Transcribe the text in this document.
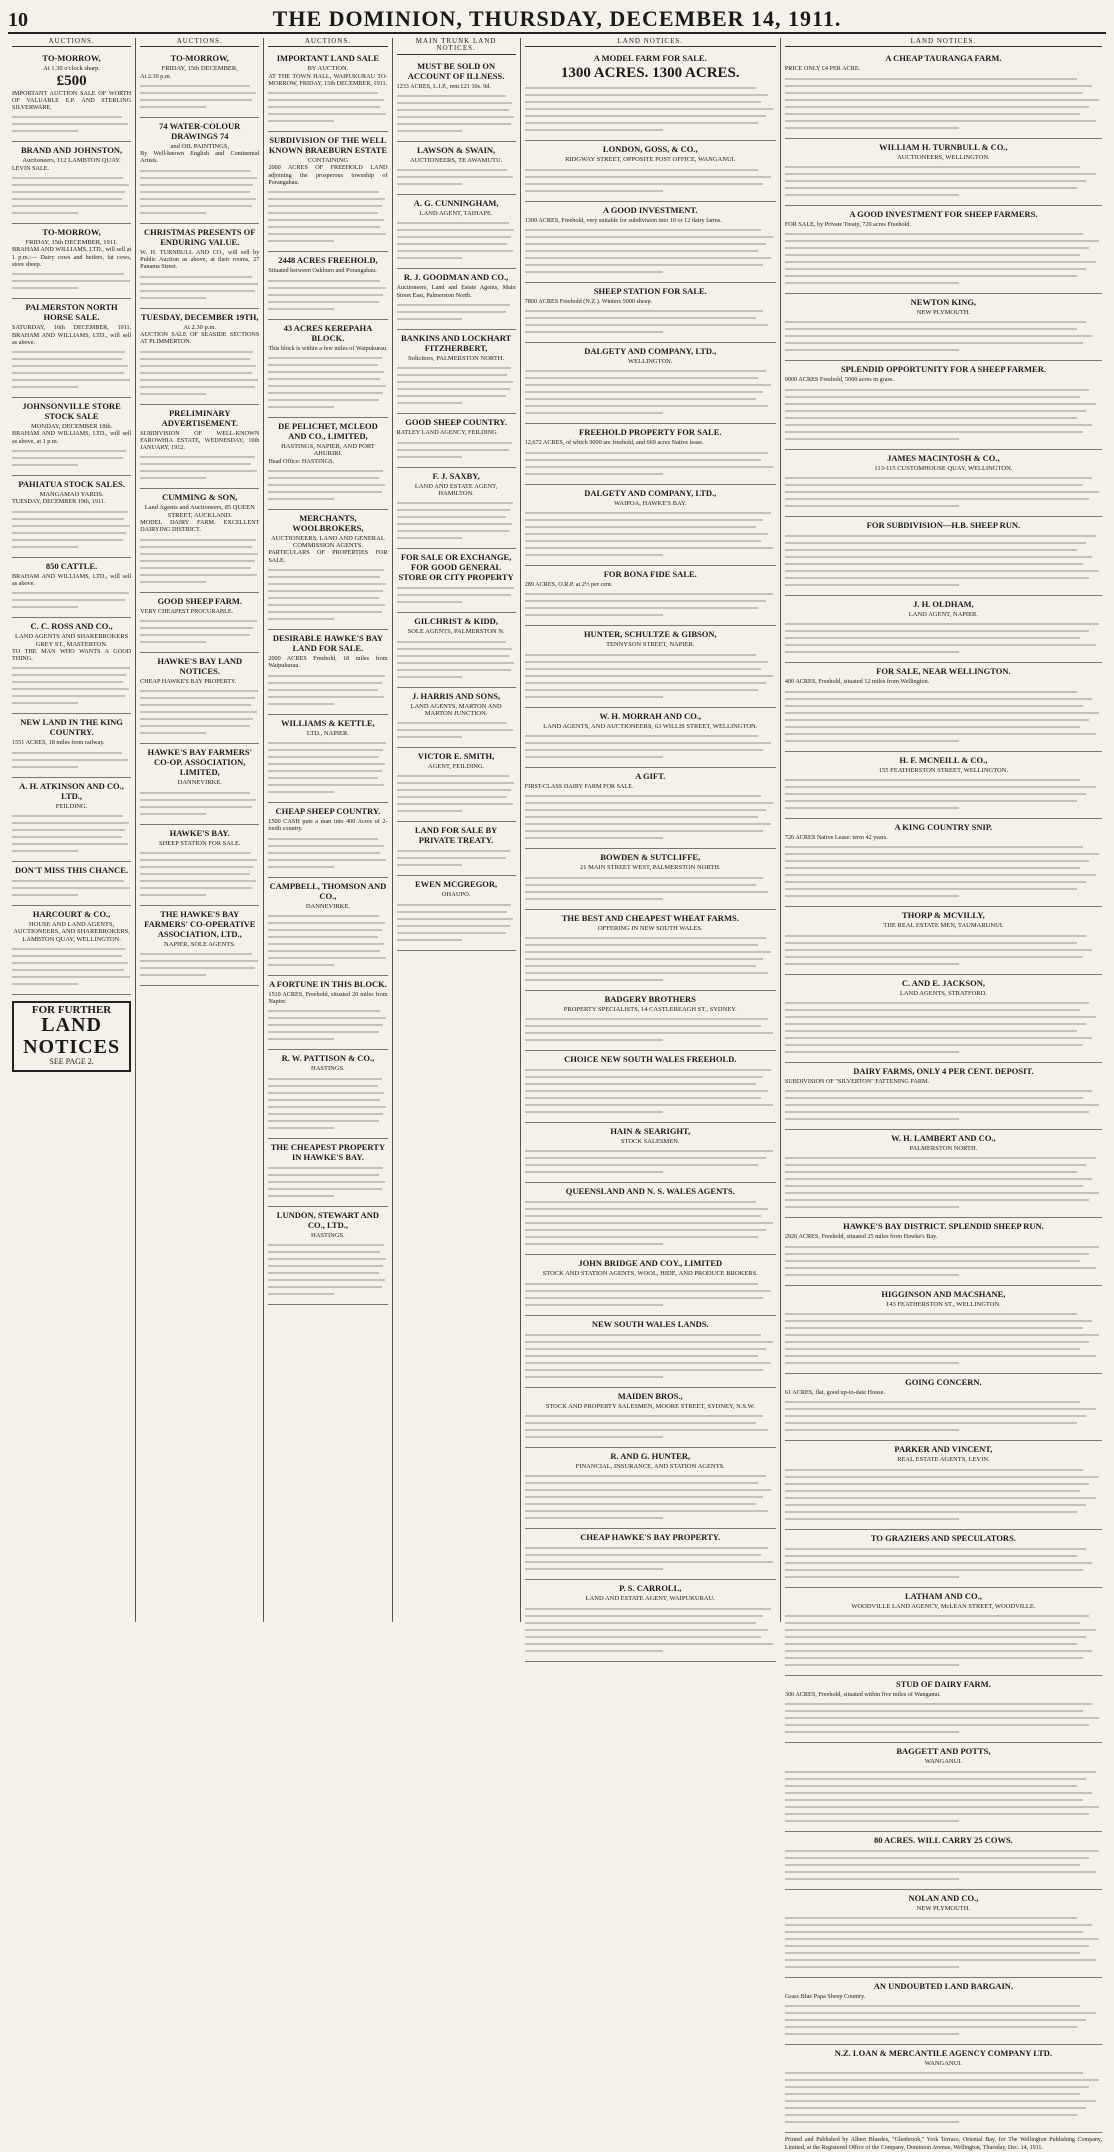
10	THE DOMINION, THURSDAY, DECEMBER 14, 1911.
AUCTIONS.
TO-MORROW,
At 1.30 o'clock sharp.
£500

IMPORTANT AUCTION SALE OF WORTH OF VALUABLE E.P. AND STERLING SILVERWARE.

BRAND AND JOHNSTON,
Auctioneers, 112 LAMBTON QUAY.

LEVIN SALE.

TO-MORROW,
FRIDAY, 15th DECEMBER, 1911.

BRAHAM AND WILLIAMS, LTD., will sell at 1 p.m.:— Dairy cows and heifers, fat cows, store sheep.

PALMERSTON NORTH HORSE SALE.

SATURDAY, 16th DECEMBER, 1911. BRAHAM AND WILLIAMS, LTD., will sell as above.

JOHNSONVILLE STORE STOCK SALE
MONDAY, DECEMBER 18th.

BRAHAM AND WILLIAMS, LTD., will sell as above, at 1 p.m.

PAHIATUA STOCK SALES.
MANGAMAO YARDS.

TUESDAY, DECEMBER 19th, 1911.

850 CATTLE.

BRAHAM AND WILLIAMS, LTD., will sell as above.

C. C. ROSS AND CO.,
LAND AGENTS AND SHAREBROKERS GREY ST., MASTERTON.

TO THE MAN WHO WANTS A GOOD THING.

NEW LAND IN THE KING COUNTRY.

1551 ACRES, 18 miles from railway.

A. H. ATKINSON AND CO., LTD.,
FEILDING.
DON'T MISS THIS CHANCE.
HARCOURT & CO.,
HOUSE AND LAND AGENTS, AUCTIONEERS, AND SHAREBROKERS, LAMBTON QUAY, WELLINGTON.
FOR FURTHER
LAND NOTICES
SEE PAGE 2.
AUCTIONS.
TO-MORROW,
FRIDAY, 15th DECEMBER,

At 2.30 p.m.

74 WATER-COLOUR DRAWINGS 74
and OIL PAINTINGS,

By Well-known English and Continental Artists.

CHRISTMAS PRESENTS OF ENDURING VALUE.

W. H. TURNBULL AND CO., will sell by Public Auction as above, at their rooms, 27 Panama Street.

TUESDAY, DECEMBER 19TH,
At 2.30 p.m.

AUCTION SALE OF SEASIDE SECTIONS AT PLIMMERTON.

PRELIMINARY ADVERTISEMENT.

SUBDIVISION OF WELL-KNOWN FAROWHIA ESTATE, WEDNESDAY, 10th JANUARY, 1912.

CUMMING & SON,
Land Agents and Auctioneers, 85 QUEEN STREET, AUCKLAND.

MODEL DAIRY FARM. EXCELLENT DAIRYING DISTRICT.

GOOD SHEEP FARM.

VERY CHEAPEST PROCURABLE.

HAWKE'S BAY LAND NOTICES.

CHEAP HAWKE'S BAY PROPERTY.

HAWKE'S BAY FARMERS' CO-OP. ASSOCIATION, LIMITED,
DANNEVIRKE.
HAWKE'S BAY.
SHEEP STATION FOR SALE.
THE HAWKE'S BAY FARMERS' CO-OPERATIVE ASSOCIATION, LTD.,
NAPIER, SOLE AGENTS.
AUCTIONS.
IMPORTANT LAND SALE
BY AUCTION.

AT THE TOWN HALL, WAIPUKURAU TO-MORROW, FRIDAY, 15th DECEMBER, 1911.

SUBDIVISION OF THE WELL KNOWN BRAEBURN ESTATE
CONTAINING

2000 ACRES OF FREEHOLD LAND adjoining the prosperous township of Porangahau.

2448 ACRES FREEHOLD,

Situated between Oakburn and Porangahau.

43 ACRES KEREPAHA BLOCK.

This block is within a few miles of Waipukurau.

DE PELICHET, MCLEOD AND CO., LIMITED,
HASTINGS, NAPIER, AND PORT AHURIRI.

Head Office: HASTINGS.

MERCHANTS, WOOLBROKERS,
AUCTIONEERS, LAND AND GENERAL COMMISSION AGENTS.

PARTICULARS OF PROPERTIES FOR SALE.

DESIRABLE HAWKE'S BAY LAND FOR SALE.

2000 ACRES Freehold, 18 miles from Waipukurau.

WILLIAMS & KETTLE,
LTD., NAPIER.
CHEAP SHEEP COUNTRY.

£500 CASH puts a man into 400 Acres of 2-tooth country.

CAMPBELL, THOMSON AND CO.,
DANNEVIRKE.
A FORTUNE IN THIS BLOCK.

1510 ACRES, Freehold, situated 20 miles from Napier.

R. W. PATTISON & CO.,
HASTINGS.
THE CHEAPEST PROPERTY IN HAWKE'S BAY.
LUNDON, STEWART AND CO., LTD.,
HASTINGS.
MAIN TRUNK LAND NOTICES.
MUST BE SOLD ON ACCOUNT OF ILLNESS.

1233 ACRES, L.I.P., rent £21 10s. 9d.

LAWSON & SWAIN,
AUCTIONEERS, TE AWAMUTU.
A. G. CUNNINGHAM,
LAND AGENT, TAIHAPE.
R. J. GOODMAN AND CO.,

Auctioneers, Land and Estate Agents, Main Street East, Palmerston North.

BANKINS AND LOCKHART FITZHERBERT,
Solicitors, PALMERSTON NORTH.
GOOD SHEEP COUNTRY.

RATLEY LAND AGENCY, FEILDING.

F. J. SAXBY,
LAND AND ESTATE AGENT, HAMILTON.
FOR SALE OR EXCHANGE, FOR GOOD GENERAL STORE OR CITY PROPERTY
GILCHRIST & KIDD,
SOLE AGENTS, PALMERSTON N.
J. HARRIS AND SONS,
LAND AGENTS, MARTON AND MARTON JUNCTION.
VICTOR E. SMITH,
AGENT, FEILDING.
LAND FOR SALE BY PRIVATE TREATY.
EWEN MCGREGOR,
OHAUPO.
LAND NOTICES.
A MODEL FARM FOR SALE.
1300 ACRES. 1300 ACRES.
LONDON, GOSS, & CO.,
RIDGWAY STREET, OPPOSITE POST OFFICE, WANGANUI.
A GOOD INVESTMENT.

1300 ACRES, Freehold, very suitable for subdivision into 10 or 12 dairy farms.

SHEEP STATION FOR SALE.

7800 ACRES Freehold (N.Z.). Winters 5000 sheep.

DALGETY AND COMPANY, LTD.,
WELLINGTON.
FREEHOLD PROPERTY FOR SALE.

12,672 ACRES, of which 9000 are freehold, and 669 acres Native lease.

DALGETY AND COMPANY, LTD.,
WAIPOA, HAWKE'S BAY.
FOR BONA FIDE SALE.

289 ACRES, O.R.P. at 2½ per cent.

HUNTER, SCHULTZE & GIBSON,
TENNYSON STREET, NAPIER.
W. H. MORRAH AND CO.,
LAND AGENTS, AND AUCTIONEERS, 63 WILLIS STREET, WELLINGTON.
A GIFT.

FIRST-CLASS DAIRY FARM FOR SALE.

BOWDEN & SUTCLIFFE,
21 MAIN STREET WEST, PALMERSTON NORTH.
THE BEST AND CHEAPEST WHEAT FARMS.
OFFERING IN NEW SOUTH WALES.
BADGERY BROTHERS
PROPERTY SPECIALISTS, 14 CASTLEREAGH ST., SYDNEY.
CHOICE NEW SOUTH WALES FREEHOLD.
HAIN & SEARIGHT,
STOCK SALESMEN.
QUEENSLAND AND N. S. WALES AGENTS.
JOHN BRIDGE AND COY., LIMITED
STOCK AND STATION AGENTS, WOOL, HIDE, AND PRODUCE BROKERS.
NEW SOUTH WALES LANDS.
MAIDEN BROS.,
STOCK AND PROPERTY SALESMEN, MOORE STREET, SYDNEY, N.S.W.
R. AND G. HUNTER,
FINANCIAL, INSURANCE, AND STATION AGENTS.
CHEAP HAWKE'S BAY PROPERTY.
P. S. CARROLL,
LAND AND ESTATE AGENT, WAIPUKURAU.
LAND NOTICES.
A CHEAP TAURANGA FARM.

PRICE ONLY £4 PER ACRE.

WILLIAM H. TURNBULL & CO.,
AUCTIONEERS, WELLINGTON.
A GOOD INVESTMENT FOR SHEEP FARMERS.

FOR SALE, by Private Treaty, 720 acres Freehold.

NEWTON KING,
NEW PLYMOUTH.
SPLENDID OPPORTUNITY FOR A SHEEP FARMER.

9000 ACRES Freehold, 5000 acres in grass.

JAMES MACINTOSH & CO.,
113-115 CUSTOMHOUSE QUAY, WELLINGTON.
FOR SUBDIVISION—H.B. SHEEP RUN.
J. H. OLDHAM,
LAND AGENT, NAPIER.
FOR SALE, NEAR WELLINGTON.

400 ACRES, Freehold, situated 12 miles from Wellington.

H. F. MCNEILL & CO.,
155 FEATHERSTON STREET, WELLINGTON.
A KING COUNTRY SNIP.

726 ACRES Native Lease: term 42 years.

THORP & MCVILLY,
THE REAL ESTATE MEN, TAUMARUNUI.
C. AND E. JACKSON,
LAND AGENTS, STRATFORD.
DAIRY FARMS, ONLY 4 PER CENT. DEPOSIT.

SUBDIVISION OF "SILVERTON" FATTENING FARM.

W. H. LAMBERT AND CO.,
PALMERSTON NORTH.
HAWKE'S BAY DISTRICT. SPLENDID SHEEP RUN.

2926 ACRES, Freehold, situated 25 miles from Hawke's Bay.

HIGGINSON AND MACSHANE,
143 FEATHERSTON ST., WELLINGTON.
GOING CONCERN.

61 ACRES, flat, good up-to-date House.

PARKER AND VINCENT,
REAL ESTATE AGENTS, LEVIN.
TO GRAZIERS AND SPECULATORS.
LATHAM AND CO.,
WOODVILLE LAND AGENCY, McLEAN STREET, WOODVILLE.
STUD OF DAIRY FARM.

300 ACRES, Freehold, situated within five miles of Wanganui.

BAGGETT AND POTTS,
WANGANUI.
80 ACRES. WILL CARRY 25 COWS.
NOLAN AND CO.,
NEW PLYMOUTH.
AN UNDOUBTED LAND BARGAIN.

Grass Blue Papa Sheep Country.

N.Z. LOAN & MERCANTILE AGENCY COMPANY LTD.
WANGANUI.
Printed and Published by Albert Bluedes, "Glenbrook," York Terrace, Oriental Bay, for The Wellington Publishing Company, Limited, at the Registered Office of the Company, Dominion Avenue, Wellington, Thursday, Dec. 14, 1911.
